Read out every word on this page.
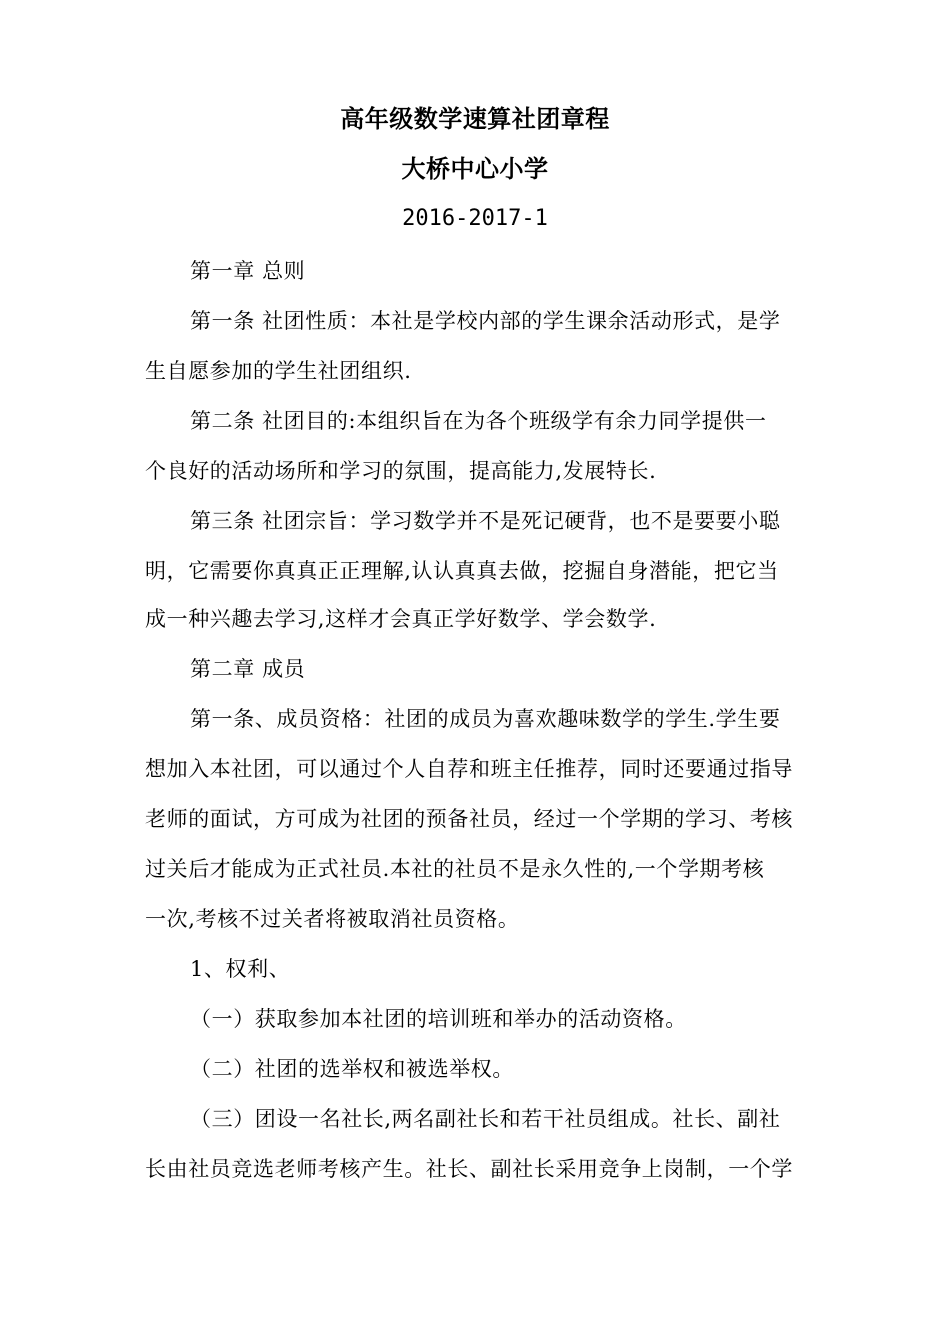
高年级数学速算社团章程
大桥中心小学
2016-2017-1
第一章 总则
第一条 社团性质：本社是学校内部的学生课余活动形式，是学
生自愿参加的学生社团组织.
第二条 社团目的:本组织旨在为各个班级学有余力同学提供一
个良好的活动场所和学习的氛围，提高能力,发展特长.
第三条 社团宗旨：学习数学并不是死记硬背，也不是要要小聪
明，它需要你真真正正理解,认认真真去做，挖掘自身潜能，把它当
成一种兴趣去学习,这样才会真正学好数学、学会数学.
第二章 成员
第一条、成员资格：社团的成员为喜欢趣味数学的学生.学生要
想加入本社团，可以通过个人自荐和班主任推荐，同时还要通过指导
老师的面试，方可成为社团的预备社员，经过一个学期的学习、考核
过关后才能成为正式社员.本社的社员不是永久性的,一个学期考核
一次,考核不过关者将被取消社员资格。
1、权利、
（一）获取参加本社团的培训班和举办的活动资格。
（二）社团的选举权和被选举权。
（三）团设一名社长,两名副社长和若干社员组成。社长、副社
长由社员竞选老师考核产生。社长、副社长采用竞争上岗制，一个学
